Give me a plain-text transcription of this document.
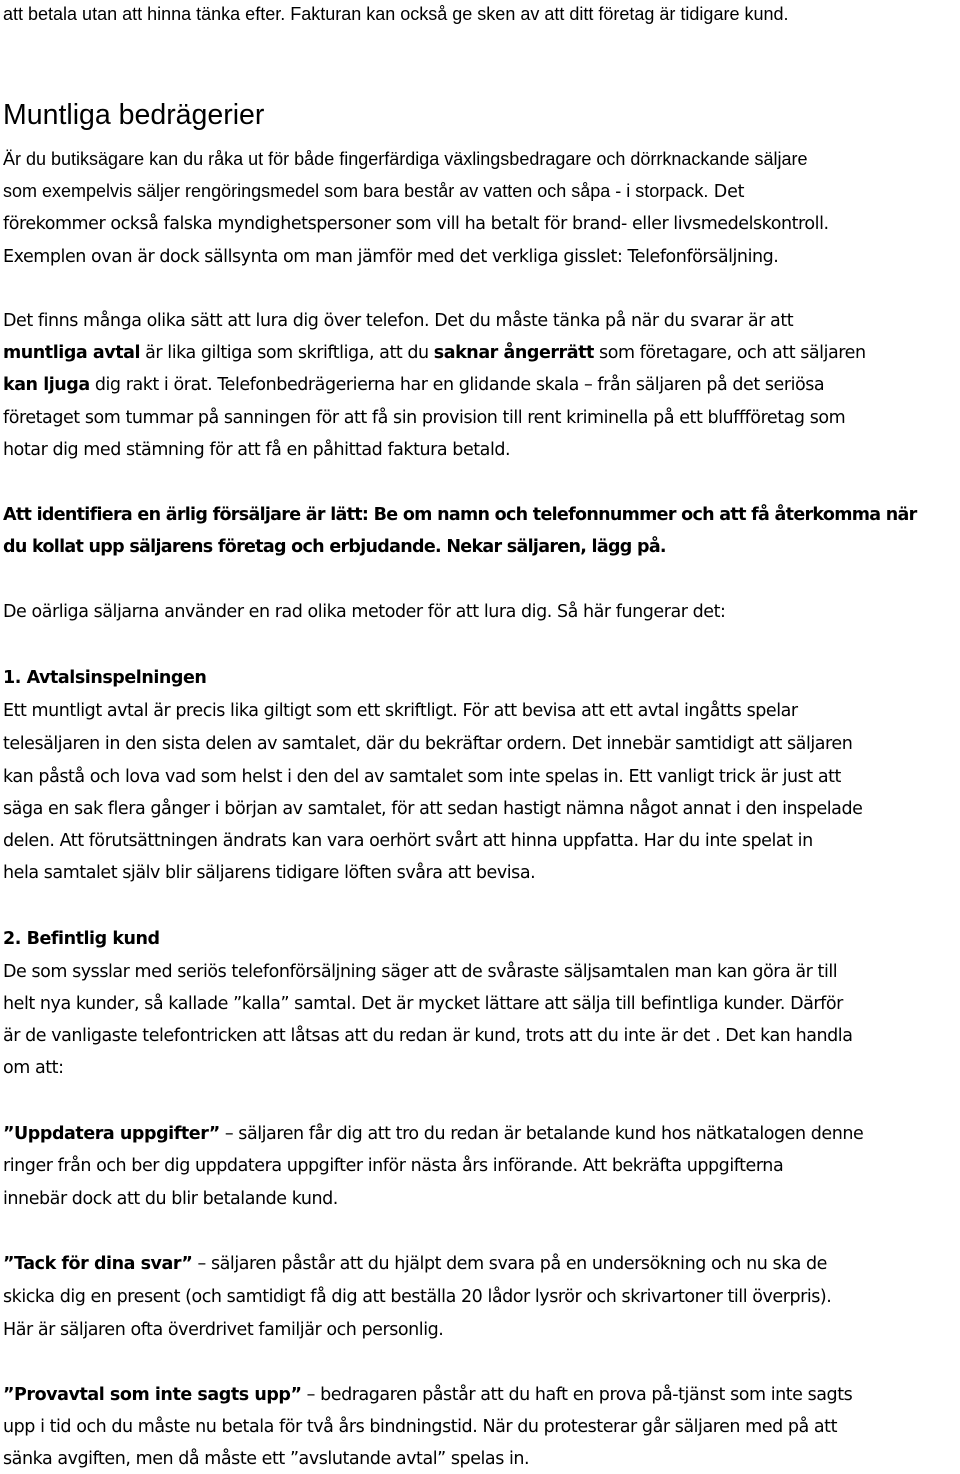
att betala utan att hinna tänka efter. Fakturan kan också ge sken av att ditt företag är tidigare kund.
Muntliga bedrägerier
Är du butiksägare kan du råka ut för både fingerfärdiga växlingsbedragare och dörrknackande säljare
som exempelvis säljer rengöringsmedel som bara består av vatten och såpa - i storpack. Det
förekommer också falska myndighetspersoner som vill ha betalt för brand- eller livsmedelskontroll.
Exemplen ovan är dock sällsynta om man jämför med det verkliga gisslet: Telefonförsäljning.
Det finns många olika sätt att lura dig över telefon. Det du måste tänka på när du svarar är att
muntliga avtal är lika giltiga som skriftliga, att du saknar ångerrätt som företagare, och att säljaren
kan ljuga dig rakt i örat. Telefonbedrägerierna har en glidande skala – från säljaren på det seriösa
företaget som tummar på sanningen för att få sin provision till rent kriminella på ett bluffföretag som
hotar dig med stämning för att få en påhittad faktura betald.
Att identifiera en ärlig försäljare är lätt: Be om namn och telefonnummer och att få återkomma när
du kollat upp säljarens företag och erbjudande. Nekar säljaren, lägg på.
De oärliga säljarna använder en rad olika metoder för att lura dig. Så här fungerar det:
1. Avtalsinspelningen
Ett muntligt avtal är precis lika giltigt som ett skriftligt. För att bevisa att ett avtal ingåtts spelar
telesäljaren in den sista delen av samtalet, där du bekräftar ordern. Det innebär samtidigt att säljaren
kan påstå och lova vad som helst i den del av samtalet som inte spelas in. Ett vanligt trick är just att
säga en sak flera gånger i början av samtalet, för att sedan hastigt nämna något annat i den inspelade
delen. Att förutsättningen ändrats kan vara oerhört svårt att hinna uppfatta. Har du inte spelat in
hela samtalet själv blir säljarens tidigare löften svåra att bevisa.
2. Befintlig kund
De som sysslar med seriös telefonförsäljning säger att de svåraste säljsamtalen man kan göra är till
helt nya kunder, så kallade ”kalla” samtal. Det är mycket lättare att sälja till befintliga kunder. Därför
är de vanligaste telefontricken att låtsas att du redan är kund, trots att du inte är det . Det kan handla
om att:
”Uppdatera uppgifter” – säljaren får dig att tro du redan är betalande kund hos nätkatalogen denne
ringer från och ber dig uppdatera uppgifter inför nästa års införande. Att bekräfta uppgifterna
innebär dock att du blir betalande kund.
”Tack för dina svar” – säljaren påstår att du hjälpt dem svara på en undersökning och nu ska de
skicka dig en present (och samtidigt få dig att beställa 20 lådor lysrör och skrivartoner till överpris).
Här är säljaren ofta överdrivet familjär och personlig.
”Provavtal som inte sagts upp” – bedragaren påstår att du haft en prova på-tjänst som inte sagts
upp i tid och du måste nu betala för två års bindningstid. När du protesterar går säljaren med på att
sänka avgiften, men då måste ett ”avslutande avtal” spelas in.
